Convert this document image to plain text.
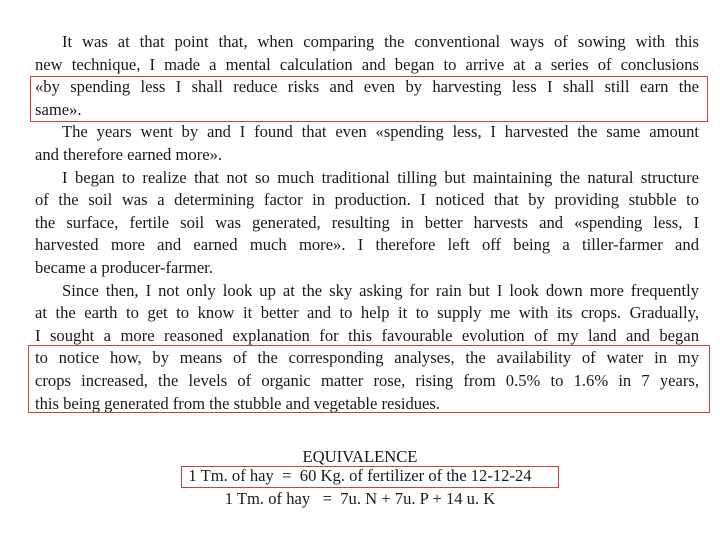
It was at that point that, when comparing the conventional ways of sowing with this
new technique, I made a mental calculation and began to arrive at a series of conclusions
«by spending less I shall reduce risks and even by harvesting less I shall still earn the
same».
The years went by and I found that even «spending less, I harvested the same amount
and therefore earned more».
I began to realize that not so much traditional tilling but maintaining the natural structure
of the soil was a determining factor in production. I noticed that by providing stubble to
the surface, fertile soil was generated, resulting in better harvests and «spending less, I
harvested more and earned much more». I therefore left off being a tiller-farmer and
became a producer-farmer.
Since then, I not only look up at the sky asking for rain but I look down more frequently
at the earth to get to know it better and to help it to supply me with its crops. Gradually,
I sought a more reasoned explanation for this favourable evolution of my land and began
to notice how, by means of the corresponding analyses, the availability of water in my
crops increased, the levels of organic matter rose, rising from 0.5% to 1.6% in 7 years,
this being generated from the stubble and vegetable residues.
EQUIVALENCE
1 Tm. of hay  =  60 Kg. of fertilizer of the 12-12-24
1 Tm. of hay   =  7u. N + 7u. P + 14 u. K
